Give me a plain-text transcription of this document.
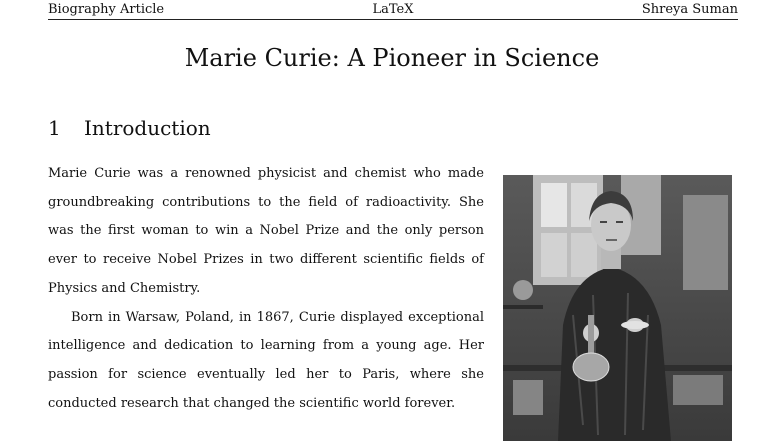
Biography Article	LaTeX	Shreya Suman
Marie Curie: A Pioneer in Science
1 Introduction

Marie Curie was a renowned physicist and chemist who made groundbreaking contributions to the field of radioactivity. She was the first woman to win a Nobel Prize and the only person ever to receive Nobel Prizes in two different scientific fields of Physics and Chemistry.

Born in Warsaw, Poland, in 1867, Curie displayed exceptional intelligence and dedication to learning from a young age. Her passion for science eventually led her to Paris, where she conducted research that changed the scientific world forever.
